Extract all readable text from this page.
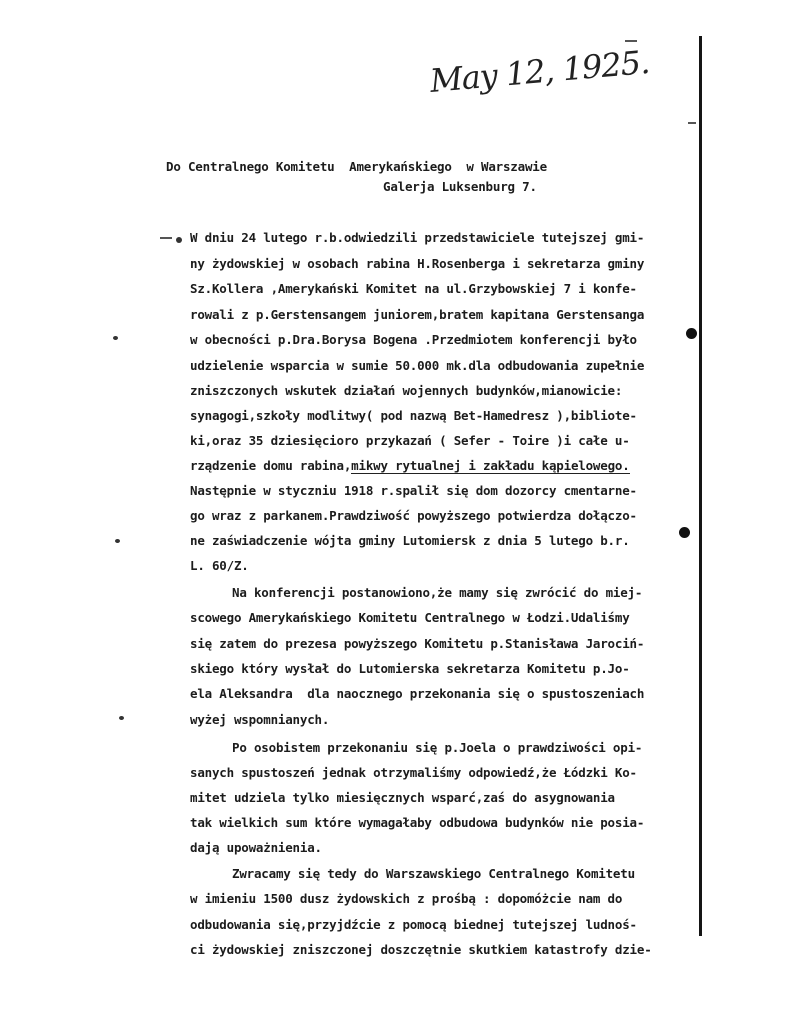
May 12, 1925.
Do Centralnego Komitetu  Amerykańskiego  w Warszawie
Galerja Luksenburg 7.
W dniu 24 lutego r.b.odwiedzili przedstawiciele tutejszej gmi-
ny żydowskiej w osobach rabina H.Rosenberga i sekretarza gminy
Sz.Kollera ,Amerykański Komitet na ul.Grzybowskiej 7 i konfe-
rowali z p.Gerstensangem juniorem,bratem kapitana Gerstensanga
w obecności p.Dra.Borysa Bogena .Przedmiotem konferencji było
udzielenie wsparcia w sumie 50.000 mk.dla odbudowania zupełnie
zniszczonych wskutek działań wojennych budynków,mianowicie:
synagogi,szkoły modlitwy( pod nazwą Bet-Hamedresz ),bibliote-
ki,oraz 35 dziesięcioro przykazań ( Sefer - Toire )i całe u-
rządzenie domu rabina,mikwy rytualnej i zakładu kąpielowego.
Następnie w styczniu 1918 r.spalił się dom dozorcy cmentarne-
go wraz z parkanem.Prawdziwość powyższego potwierdza dołączo-
ne zaświadczenie wójta gminy Lutomiersk z dnia 5 lutego b.r.
L. 60/Z.
Na konferencji postanowiono,że mamy się zwrócić do miej-
scowego Amerykańskiego Komitetu Centralnego w Łodzi.Udaliśmy
się zatem do prezesa powyższego Komitetu p.Stanisława Jarociń-
skiego który wysłał do Lutomierska sekretarza Komitetu p.Jo-
ela Aleksandra  dla naocznego przekonania się o spustoszeniach
wyżej wspomnianych.
Po osobistem przekonaniu się p.Joela o prawdziwości opi-
sanych spustoszeń jednak otrzymaliśmy odpowiedź,że Łódzki Ko-
mitet udziela tylko miesięcznych wsparć,zaś do asygnowania
tak wielkich sum które wymagałaby odbudowa budynków nie posia-
dają upoważnienia.
Zwracamy się tedy do Warszawskiego Centralnego Komitetu
w imieniu 1500 dusz żydowskich z prośbą : dopomóżcie nam do
odbudowania się,przyjdźcie z pomocą biednej tutejszej ludnoś-
ci żydowskiej zniszczonej doszczętnie skutkiem katastrofy dzie-
